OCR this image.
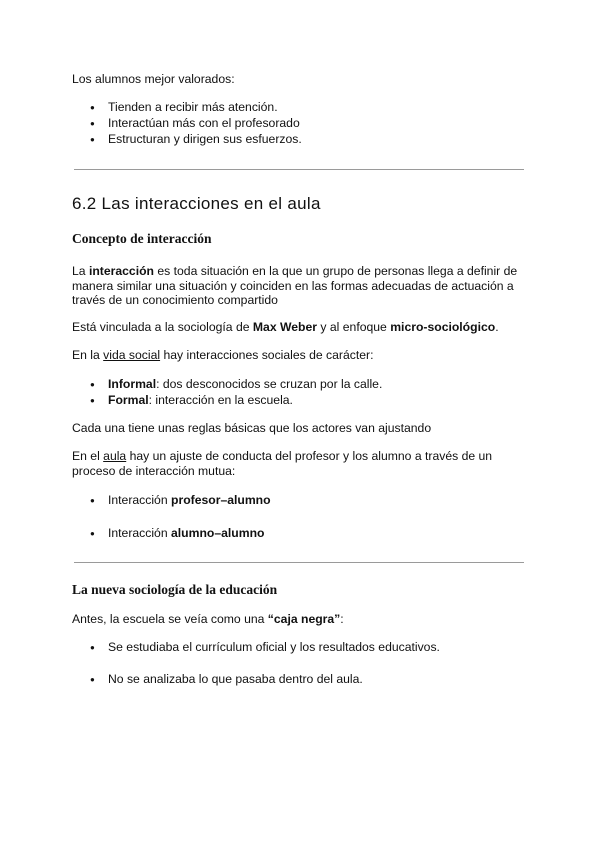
Los alumnos mejor valorados:
●	Tienden a recibir más atención.
●	Interactúan más con el profesorado
●	Estructuran y dirigen sus esfuerzos.
6.2 Las interacciones en el aula
Concepto de interacción
La interacción es toda situación en la que un grupo de personas llega a definir de
manera similar una situación y coinciden en las formas adecuadas de actuación a
través de un conocimiento compartido
Está vinculada a la sociología de Max Weber y al enfoque micro-sociológico.
En la vida social hay interacciones sociales de carácter:
●	Informal: dos desconocidos se cruzan por la calle.
●	Formal: interacción en la escuela.
Cada una tiene unas reglas básicas que los actores van ajustando
En el aula hay un ajuste de conducta del profesor y los alumno a través de un
proceso de interacción mutua:
●	Interacción profesor–alumno
●	Interacción alumno–alumno
La nueva sociología de la educación
Antes, la escuela se veía como una “caja negra”:
●	Se estudiaba el currículum oficial y los resultados educativos.
●	No se analizaba lo que pasaba dentro del aula.
